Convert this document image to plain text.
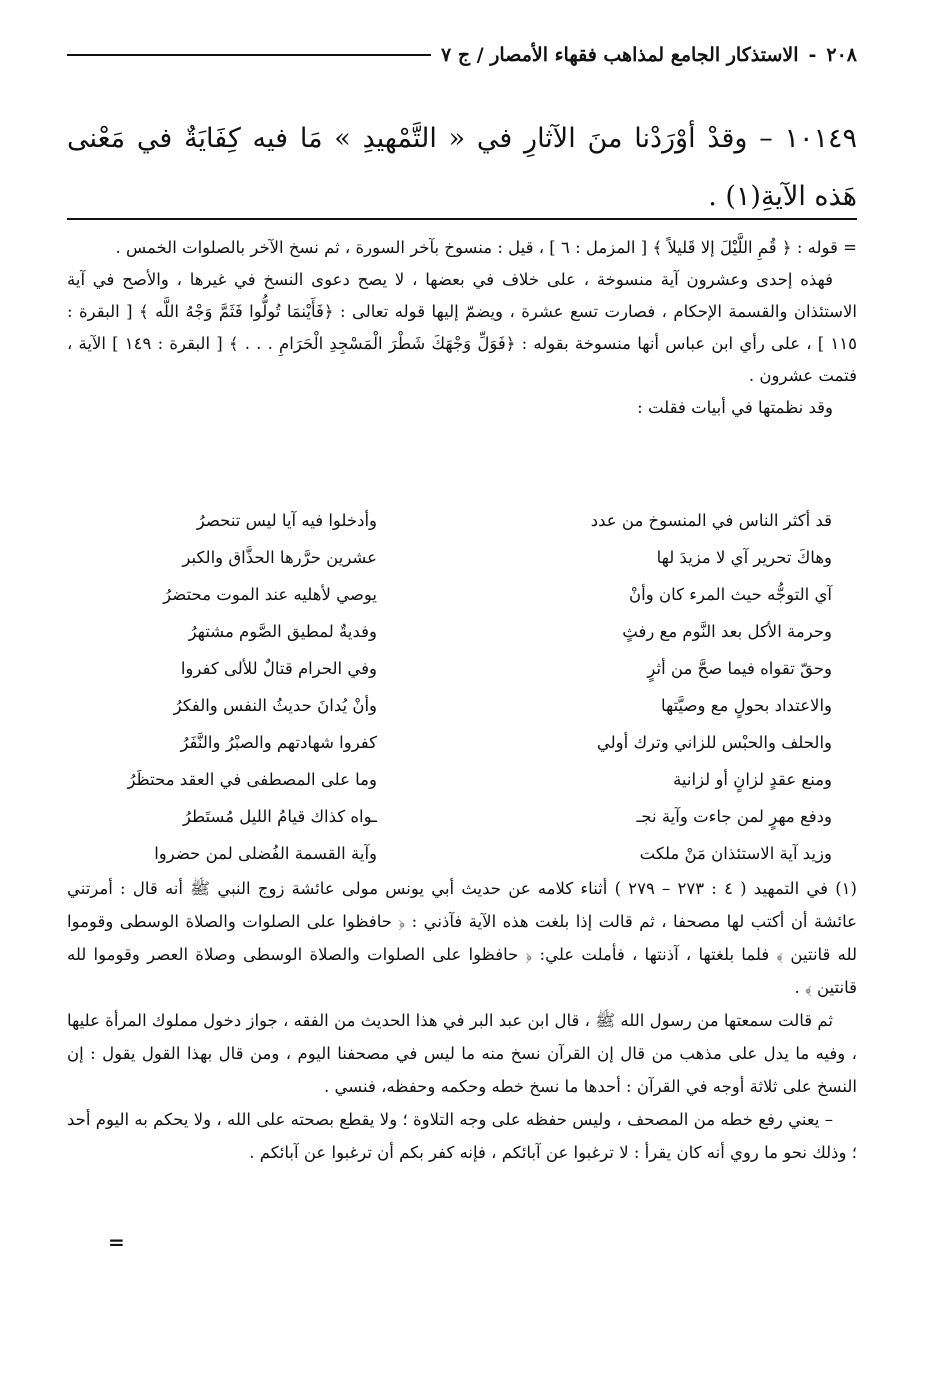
٢٠٨
-
الاستذكار الجامع لمذاهب فقهاء الأمصار / ج ٧
١٠١٤٩ – وقدْ أوْرَدْنا منَ الآثارِ في « التَّمْهيدِ » مَا فيه كِفَايَةٌ في مَعْنى هَذه الآيةِ(١) .

= قوله : ﴿ قُمِ اللَّيْلَ إلا قَليلاً ﴾ [ المزمل : ٦ ] ، قيل : منسوخ بآخر السورة ، ثم نسخ الآخر بالصلوات الخمس .

فهذه إحدى وعشرون آية منسوخة ، على خلاف في بعضها ، لا يصح دعوى النسخ في غيرها ، والأصح في آية الاستئذان والقسمة الإحكام ، فصارت تسع عشرة ، ويضمّ إليها قوله تعالى : ﴿فَأَيْنمَا تُولُّوا فَثَمَّ وَجْهُ اللَّه ﴾ [ البقرة : ١١٥ ] ، على رأي ابن عباس أنها منسوخة بقوله : ﴿فَوَلِّ وَجْهَكَ شَطْرَ الْمَسْجِدِ الْحَرَامِ . . . ﴾ [ البقرة : ١٤٩ ] الآية ، فتمت عشرون .

وقد نظمتها في أبيات فقلت :

قد أكثر الناس في المنسوخ من عدد
وأدخلوا فيه آيا ليس تنحصرُ
وهاكَ تحرير آي لا مزيدَ لها
عشرين حرَّرها الحذَّاق والكبر
آي التوجُّه حيث المرء كان وأنْ
يوصي لأهليه عند الموت محتضرُ
وحرمة الأكل بعد النَّوم مع رفثٍ
وفديةٌ لمطيق الصَّوم مشتهرُ
وحقّ تقواه فيما صحَّ من أثرٍ
وفي الحرام قتالٌ للألى كفروا
والاعتداد بحولٍ مع وصيَّتها
وأنْ يُدانَ حديثُ النفس والفكرُ
والحلف والحبْس للزاني وترك أولي
كفروا شهادتهم والصبْرُ والنَّفَرُ
ومنع عقدٍ لزانٍ أو لزانية
وما على المصطفى في العقد محتظَرُ
ودفع مهرٍ لمن جاءت وآية نجـ
ـواه كذاك قيامُ الليل مُستَطرُ
وزيد آية الاستئذان مَنْ ملكت
وآية القسمة الفُضلى لمن حضروا

(١) في التمهيد ( ٤ : ٢٧٣ – ٢٧٩ ) أثناء كلامه عن حديث أبي يونس مولى عائشة زوج النبي ﷺ أنه قال : أمرتني عائشة أن أكتب لها مصحفا ، ثم قالت إذا بلغت هذه الآية فآذني : ﴿ حافظوا على الصلوات والصلاة الوسطى وقوموا لله قانتين ﴾ فلما بلغتها ، آذنتها ، فأملت علي: ﴿ حافظوا على الصلوات والصلاة الوسطى وصلاة العصر وقوموا لله قانتين ﴾ .

ثم قالت سمعتها من رسول الله ﷺ ، قال ابن عبد البر في هذا الحديث من الفقه ، جواز دخول مملوك المرأة عليها ، وفيه ما يدل على مذهب من قال إن القرآن نسخ منه ما ليس في مصحفنا اليوم ، ومن قال بهذا القول يقول : إن النسخ على ثلاثة أوجه في القرآن : أحدها ما نسخ خطه وحكمه وحفظه، فنسي .

– يعني رفع خطه من المصحف ، وليس حفظه على وجه التلاوة ؛ ولا يقطع بصحته على الله ، ولا يحكم به اليوم أحد ؛ وذلك نحو ما روي أنه كان يقرأ : لا ترغبوا عن آبائكم ، فإنه كفر بكم أن ترغبوا عن آبائكم .

=
